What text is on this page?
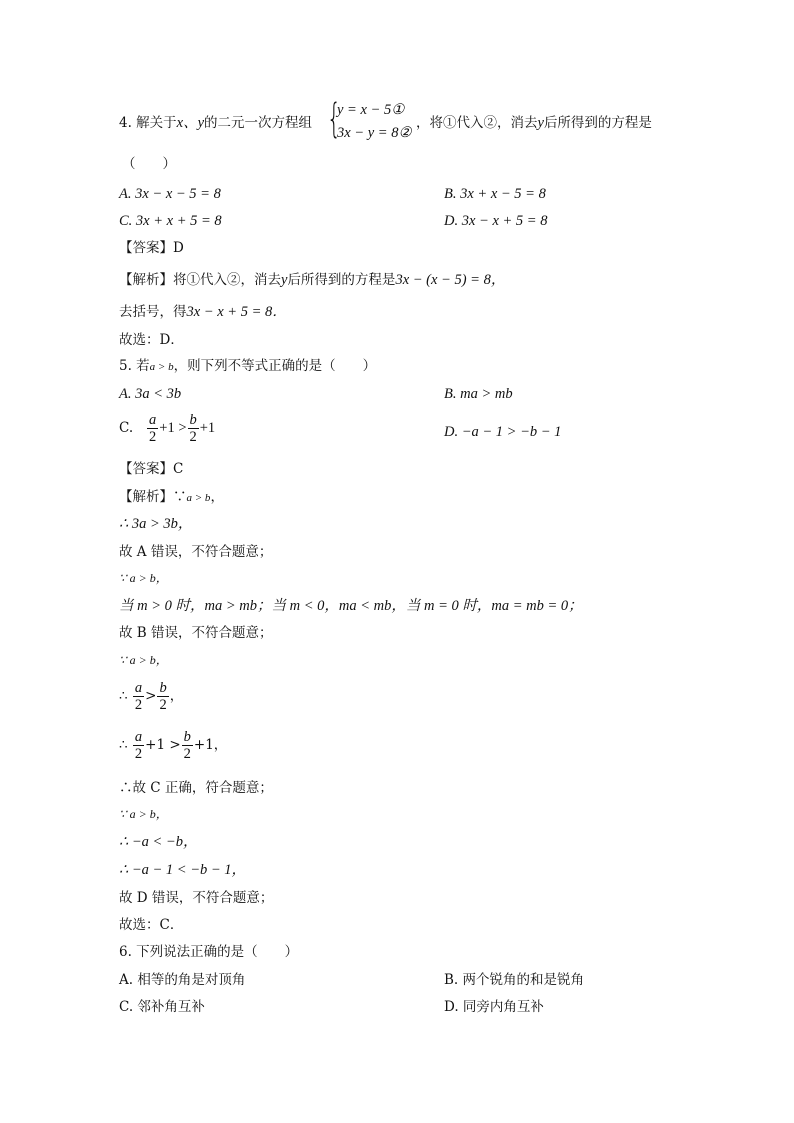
4. 解关于x、y的二元一次方程组 {
y = x − 5①
3x − y = 8②
，将①代入②，消去y后所得到的方程是
（　　）
A. 3x − x − 5 = 8	B. 3x + x − 5 = 8
C. 3x + x + 5 = 8	D. 3x − x + 5 = 8
【答案】D
【解析】将①代入②，消去y后所得到的方程是3x − (x − 5) = 8，
去括号，得3x − x + 5 = 8．
故选：D．
5. 若a > b，则下列不等式正确的是（　　）
A. 3a < 3b	B. ma > mb
C. $\frac{a}{2} +1 > \frac{b}{2} +1$	D. −a − 1 > −b − 1
【答案】C
【解析】∵a > b，
∴ 3a > 3b，
故 A 错误，不符合题意；
∵ a > b，
当 m > 0 时，ma > mb；当 m < 0，ma < mb，当 m = 0 时，ma = mb = 0；
故 B 错误，不符合题意；
∵ a > b，
∴ $\frac{a}{2} > \frac{b}{2}$ ，
∴ $\frac{a}{2} +1 > \frac{b}{2} +1$，
∴故 C 正确，符合题意；
∵ a > b，
∴ −a < −b，
∴ −a − 1 < −b − 1，
故 D 错误，不符合题意；
故选：C．
6. 下列说法正确的是（　　）
A. 相等的角是对顶角	B. 两个锐角的和是锐角
C. 邻补角互补	D. 同旁内角互补
